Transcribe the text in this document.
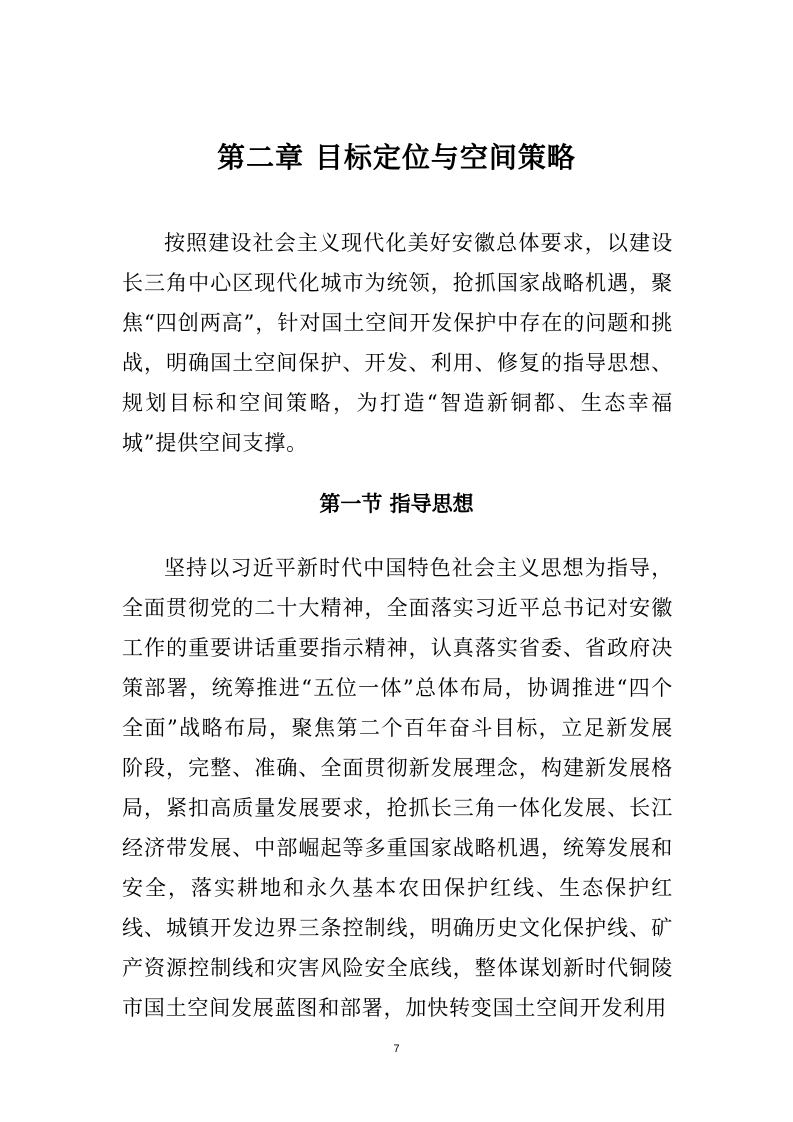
第二章 目标定位与空间策略

按照建设社会主义现代化美好安徽总体要求，以建设长三角中心区现代化城市为统领，抢抓国家战略机遇，聚焦“四创两高”，针对国土空间开发保护中存在的问题和挑战，明确国土空间保护、开发、利用、修复的指导思想、规划目标和空间策略，为打造“智造新铜都、生态幸福城”提供空间支撑。

第一节 指导思想

坚持以习近平新时代中国特色社会主义思想为指导，全面贯彻党的二十大精神，全面落实习近平总书记对安徽工作的重要讲话重要指示精神，认真落实省委、省政府决策部署，统筹推进“五位一体”总体布局，协调推进“四个全面”战略布局，聚焦第二个百年奋斗目标，立足新发展阶段，完整、准确、全面贯彻新发展理念，构建新发展格局，紧扣高质量发展要求，抢抓长三角一体化发展、长江经济带发展、中部崛起等多重国家战略机遇，统筹发展和安全，落实耕地和永久基本农田保护红线、生态保护红线、城镇开发边界三条控制线，明确历史文化保护线、矿产资源控制线和灾害风险安全底线，整体谋划新时代铜陵市国土空间发展蓝图和部署，加快转变国土空间开发利用

7
